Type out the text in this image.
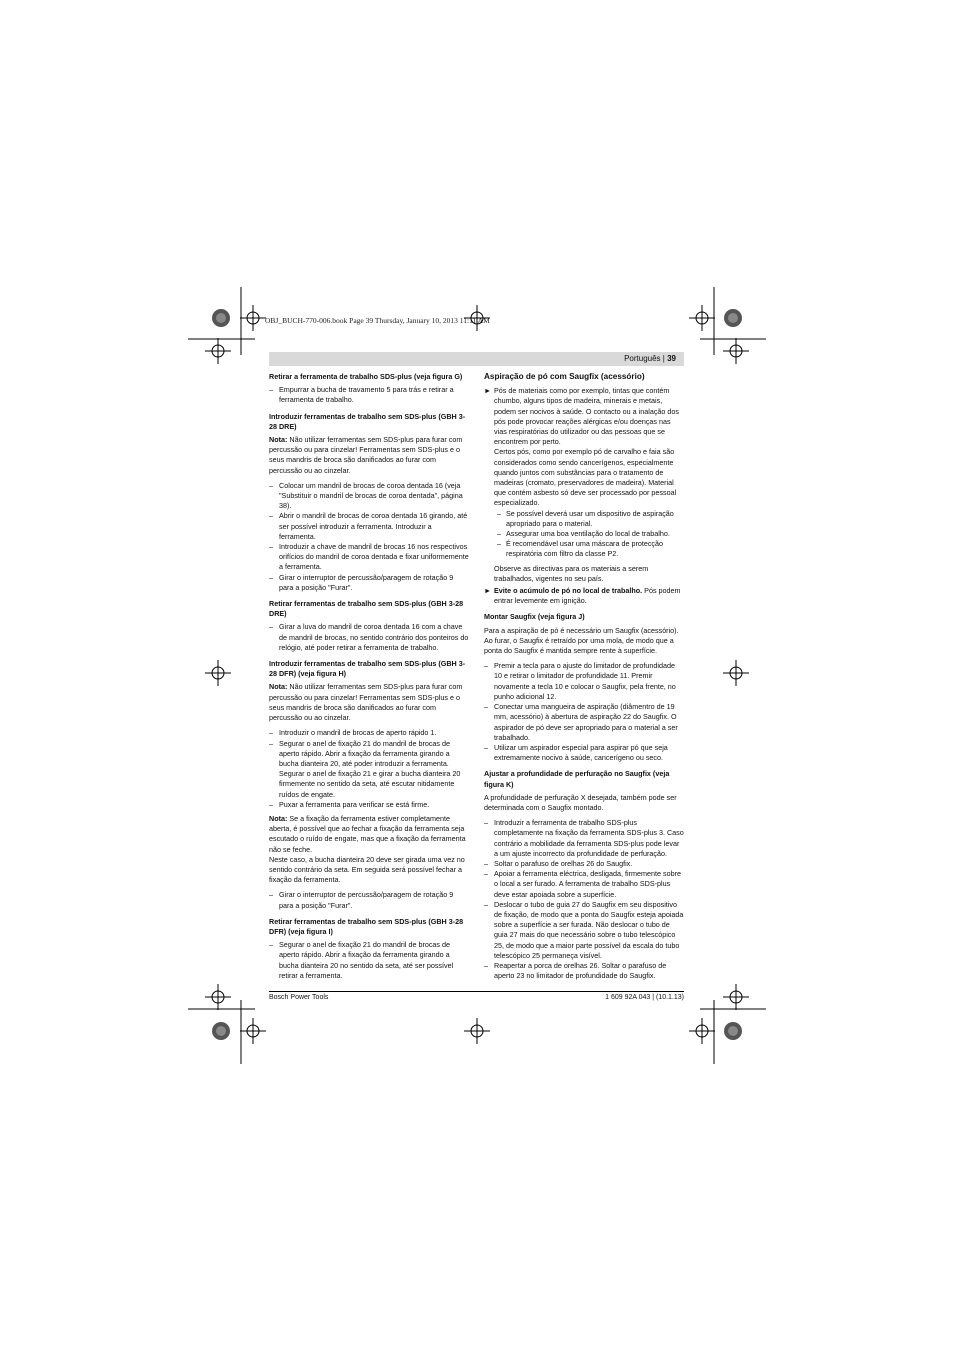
OBJ_BUCH-770-006.book Page 39 Thursday, January 10, 2013 11:11 AM
Português | 39
Retirar a ferramenta de trabalho SDS-plus (veja figura G)
– Empurrar a bucha de travamento 5 para trás e retirar a ferramenta de trabalho.
Introduzir ferramentas de trabalho sem SDS-plus (GBH 3-28 DRE)

Nota: Não utilizar ferramentas sem SDS-plus para furar com percussão ou para cinzelar! Ferramentas sem SDS-plus e o seus mandris de broca são danificados ao furar com percussão ou ao cinzelar.

– Colocar um mandril de brocas de coroa dentada 16 (veja "Substituir o mandril de brocas de coroa dentada", página 38).
– Abrir o mandril de brocas de coroa dentada 16 girando, até ser possível introduzir a ferramenta. Introduzir a ferramenta.
– Introduzir a chave de mandril de brocas 16 nos respectivos orifícios do mandril de coroa dentada e fixar uniformemente a ferramenta.
– Girar o interruptor de percussão/paragem de rotação 9 para a posição "Furar".
Retirar ferramentas de trabalho sem SDS-plus (GBH 3-28 DRE)
– Girar a luva do mandril de coroa dentada 16 com a chave de mandril de brocas, no sentido contrário dos ponteiros do relógio, até poder retirar a ferramenta de trabalho.
Introduzir ferramentas de trabalho sem SDS-plus (GBH 3-28 DFR) (veja figura H)

Nota: Não utilizar ferramentas sem SDS-plus para furar com percussão ou para cinzelar! Ferramentas sem SDS-plus e o seus mandris de broca são danificados ao furar com percussão ou ao cinzelar.

– Introduzir o mandril de brocas de aperto rápido 1.
– Segurar o anel de fixação 21 do mandril de brocas de aperto rápido. Abrir a fixação da ferramenta girando a bucha dianteira 20, até poder introduzir a ferramenta. Segurar o anel de fixação 21 e girar a bucha dianteira 20 firmemente no sentido da seta, até escutar nitidamente ruídos de engate.
– Puxar a ferramenta para verificar se está firme.

Nota: Se a fixação da ferramenta estiver completamente aberta, é possível que ao fechar a fixação da ferramenta seja escutado o ruído de engate, mas que a fixação da ferramenta não se feche.

Neste caso, a bucha dianteira 20 deve ser girada uma vez no sentido contrário da seta. Em seguida será possível fechar a fixação da ferramenta.

– Girar o interruptor de percussão/paragem de rotação 9 para a posição "Furar".
Retirar ferramentas de trabalho sem SDS-plus (GBH 3-28 DFR) (veja figura I)
– Segurar o anel de fixação 21 do mandril de brocas de aperto rápido. Abrir a fixação da ferramenta girando a bucha dianteira 20 no sentido da seta, até ser possível retirar a ferramenta.
Aspiração de pó com Saugfix (acessório)
► Pós de materiais como por exemplo, tintas que contém chumbo, alguns tipos de madeira, minerais e metais, podem ser nocivos à saúde. O contacto ou a inalação dos pós pode provocar reações alérgicas e/ou doenças nas vias respiratórias do utilizador ou das pessoas que se encontrem por perto.

Certos pós, como por exemplo pó de carvalho e faia são considerados como sendo cancerígenos, especialmente quando juntos com substâncias para o tratamento de madeiras (cromato, preservadores de madeira). Material que contém asbesto só deve ser processado por pessoal especializado.

– Se possível deverá usar um dispositivo de aspiração apropriado para o material.
– Assegurar uma boa ventilação do local de trabalho.
– É recomendável usar uma máscara de protecção respiratória com filtro da classe P2.

Observe as directivas para os materiais a serem trabalhados, vigentes no seu país.

► Evite o acúmulo de pó no local de trabalho. Pós podem entrar levemente em ignição.
Montar Saugfix (veja figura J)

Para a aspiração de pó é necessário um Saugfix (acessório). Ao furar, o Saugfix é retraído por uma mola, de modo que a ponta do Saugfix é mantida sempre rente à superfície.

– Premir a tecla para o ajuste do limitador de profundidade 10 e retirar o limitador de profundidade 11. Premir novamente a tecla 10 e colocar o Saugfix, pela frente, no punho adicional 12.
– Conectar uma mangueira de aspiração (diâmentro de 19 mm, acessório) à abertura de aspiração 22 do Saugfix. O aspirador de pó deve ser apropriado para o material a ser trabalhado.
– Utilizar um aspirador especial para aspirar pó que seja extremamente nocivo à saúde, cancerígeno ou seco.
Ajustar a profundidade de perfuração no Saugfix (veja figura K)

A profundidade de perfuração X desejada, também pode ser determinada com o Saugfix montado.

– Introduzir a ferramenta de trabalho SDS-plus completamente na fixação da ferramenta SDS-plus 3. Caso contrário a mobilidade da ferramenta SDS-plus pode levar a um ajuste incorrecto da profundidade de perfuração.
– Soltar o parafuso de orelhas 26 do Saugfix.
– Apoiar a ferramenta eléctrica, desligada, firmemente sobre o local a ser furado. A ferramenta de trabalho SDS-plus deve estar apoiada sobre a superfície.
– Deslocar o tubo de guia 27 do Saugfix em seu dispositivo de fixação, de modo que a ponta do Saugfix esteja apoiada sobre a superfície a ser furada. Não deslocar o tubo de guia 27 mais do que necessário sobre o tubo telescópico 25, de modo que a maior parte possível da escala do tubo telescópico 25 permaneça visível.
– Reapertar a porca de orelhas 26. Soltar o parafuso de aperto 23 no limitador de profundidade do Saugfix.
Bosch Power Tools	1 609 92A 043 | (10.1.13)
